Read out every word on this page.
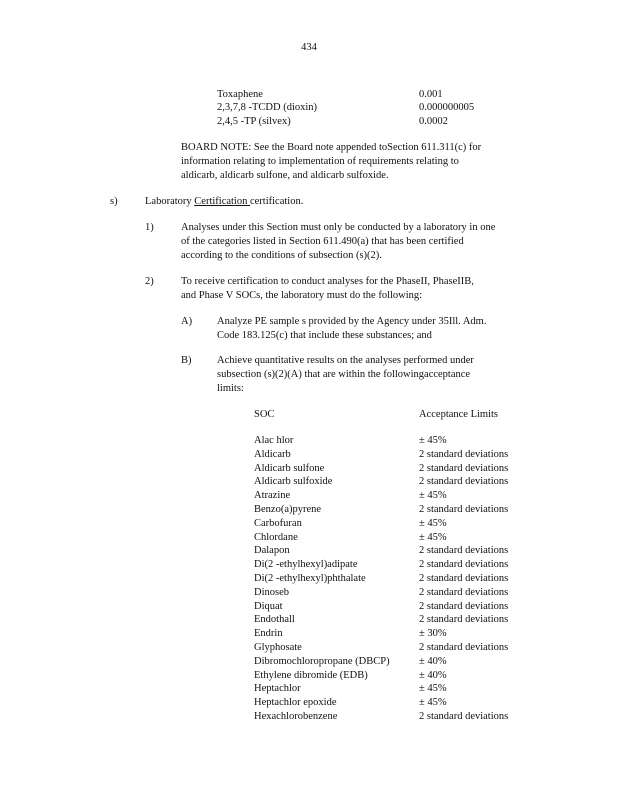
434
Toxaphene	0.001
2,3,7,8 -TCDD (dioxin)	0.000000005
2,4,5 -TP (silvex)	0.0002
BOARD NOTE: See the Board note appended toSection 611.311(c) for
information relating to implementation of requirements relating to
aldicarb, aldicarb sulfone, and aldicarb sulfoxide.
s)	Laboratory Certification certification.
1)	Analyses under this Section must only be conducted by a laboratory in one
of the categories listed in Section 611.490(a) that has been certified
according to the conditions of subsection (s)(2).
2)	To receive certification to conduct analyses for the PhaseII, PhaseIIB,
and Phase V SOCs, the laboratory must do the following:
A) Analyze PE sample s provided by the Agency under 35Ill. Adm.
Code 183.125(c) that include these substances; and
B) Achieve quantitative results on the analyses performed under
subsection (s)(2)(A) that are within the followingacceptance
limits:
SOC	Acceptance Limits
Alac hlor	± 45%
Aldicarb	2 standard deviations
Aldicarb sulfone	2 standard deviations
Aldicarb sulfoxide	2 standard deviations
Atrazine	± 45%
Benzo(a)pyrene	2 standard deviations
Carbofuran	± 45%
Chlordane	± 45%
Dalapon	2 standard deviations
Di(2 -ethylhexyl)adipate	2 standard deviations
Di(2 -ethylhexyl)phthalate	2 standard deviations
Dinoseb	2 standard deviations
Diquat	2 standard deviations
Endothall	2 standard deviations
Endrin	± 30%
Glyphosate	2 standard deviations
Dibromochloropropane (DBCP)	± 40%
Ethylene dibromide (EDB)	± 40%
Heptachlor	± 45%
Heptachlor epoxide	± 45%
Hexachlorobenzene	2 standard deviations
